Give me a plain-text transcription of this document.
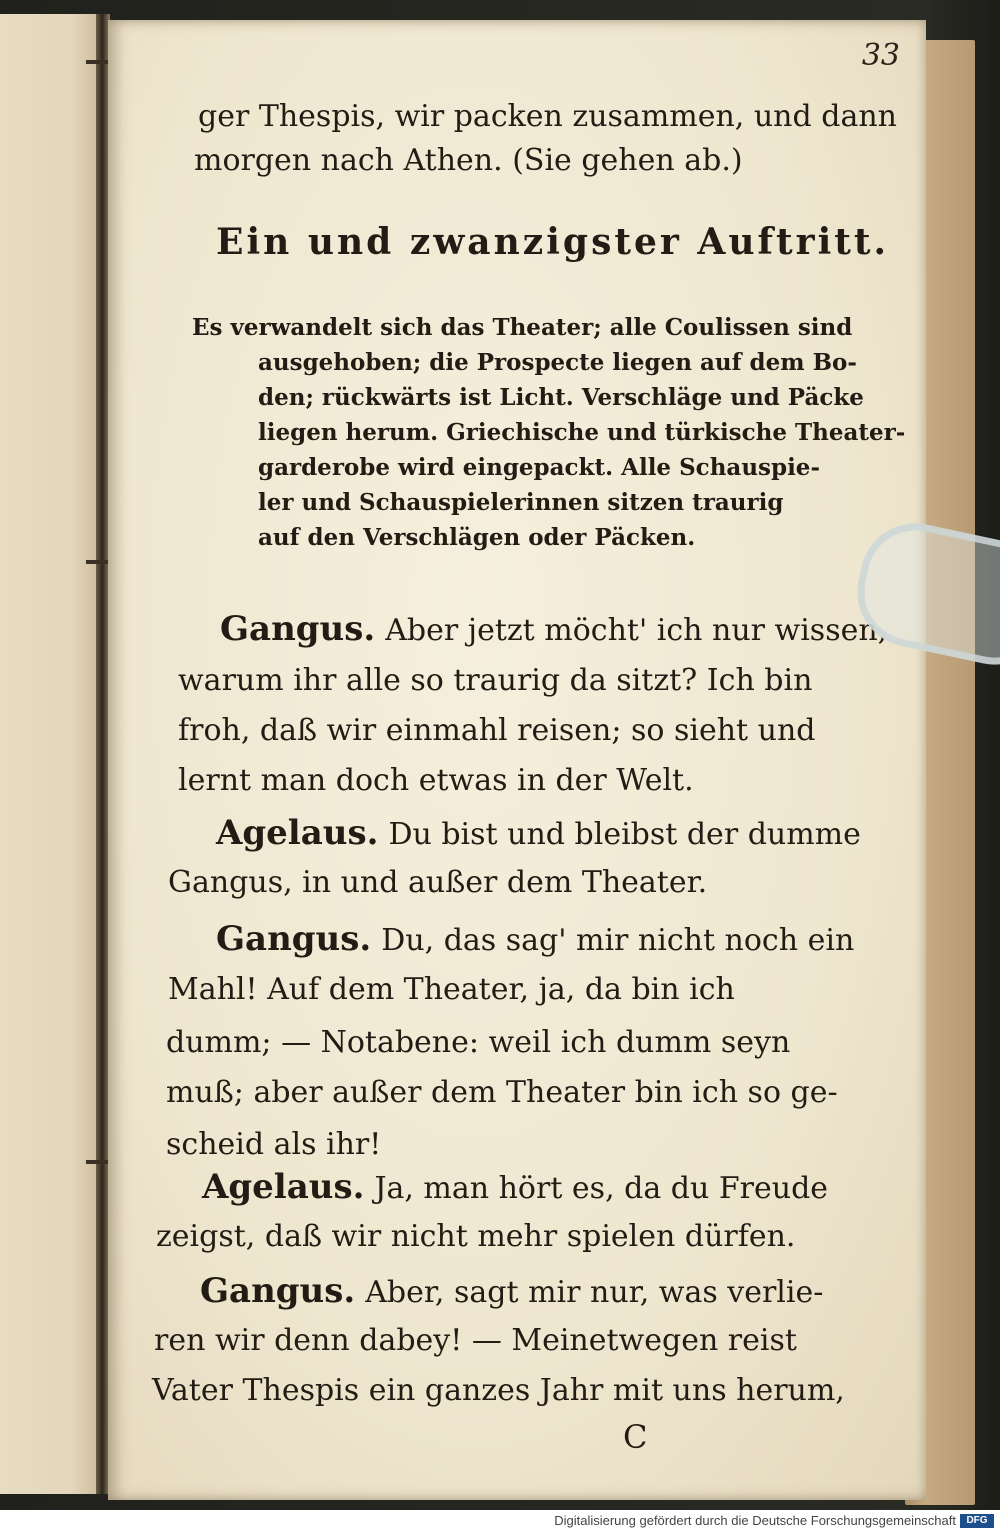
33
ger Thespis, wir packen zusammen, und dann
morgen nach Athen. (Sie gehen ab.)
Ein und zwanzigster Auftritt.
Es verwandelt sich das Theater; alle Coulissen sind
ausgehoben; die Prospecte liegen auf dem Bo-
den; rückwärts ist Licht. Verschläge und Päcke
liegen herum. Griechische und türkische Theater-
garderobe wird eingepackt. Alle Schauspie-
ler und Schauspielerinnen sitzen traurig
auf den Verschlägen oder Päcken.
Gangus. Aber jetzt möcht' ich nur wissen,
warum ihr alle so traurig da sitzt? Ich bin
froh, daß wir einmahl reisen; so sieht und
lernt man doch etwas in der Welt.
Agelaus. Du bist und bleibst der dumme
Gangus, in und außer dem Theater.
Gangus. Du, das sag' mir nicht noch ein
Mahl! Auf dem Theater, ja, da bin ich
dumm; — Notabene: weil ich dumm seyn
muß; aber außer dem Theater bin ich so ge-
scheid als ihr!
Agelaus. Ja, man hört es, da du Freude
zeigst, daß wir nicht mehr spielen dürfen.
Gangus. Aber, sagt mir nur, was verlie-
ren wir denn dabey! — Meinetwegen reist
Vater Thespis ein ganzes Jahr mit uns herum,
C
Digitalisierung gefördert durch die Deutsche Forschungsgemeinschaft	DFG
